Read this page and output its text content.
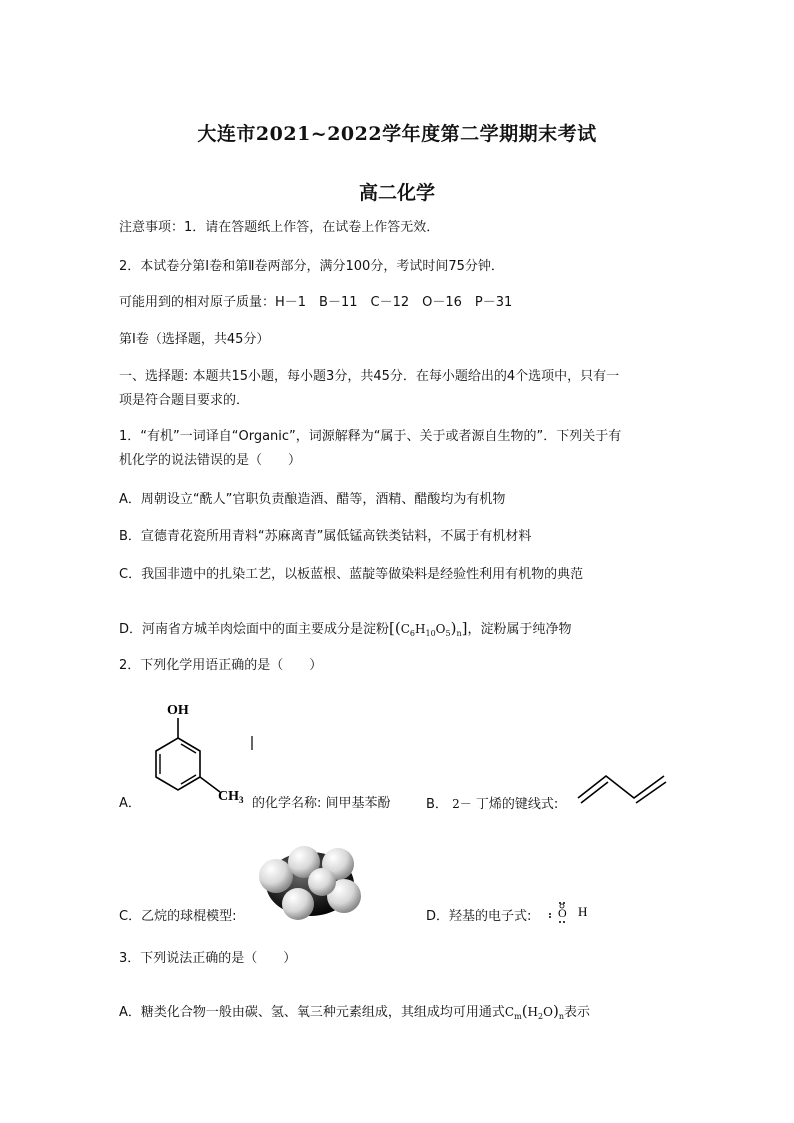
大连市2021~2022学年度第二学期期末考试
高二化学
注意事项：1．请在答题纸上作答，在试卷上作答无效．
2．本试卷分第Ⅰ卷和第Ⅱ卷两部分，满分100分，考试时间75分钟．
可能用到的相对原子质量：H－1　B－11　C－12　O－16　P－31
第Ⅰ卷（选择题，共45分）
一、选择题: 本题共15小题，每小题3分，共45分．在每小题给出的4个选项中，只有一
项是符合题目要求的．
1．“有机”一词译自“Organic”，词源解释为“属于、关于或者源自生物的”．下列关于有
机化学的说法错误的是（　　）
A．周朝设立“酰人”官职负责酿造酒、醋等，酒精、醋酸均为有机物
B．宣德青花瓷所用青料“苏麻离青”属低锰高铁类钴料，不属于有机材料
C．我国非遗中的扎染工艺，以板蓝根、蓝靛等做染料是经验性利用有机物的典范
D．河南省方城羊肉烩面中的面主要成分是淀粉$[(C_6H_{10}O_5)_n]$，淀粉属于纯净物
2．下列化学用语正确的是（　　）
OH
$CH_3$
A．	的化学名称: 间甲基苯酚	B． 2－ 丁烯的键线式:
C．乙烷的球棍模型:	D．羟基的电子式: O H
3．下列说法正确的是（　　）
A．糖类化合物一般由碳、氢、氧三种元素组成，其组成均可用通式$C_m(H_2O)_n$表示
